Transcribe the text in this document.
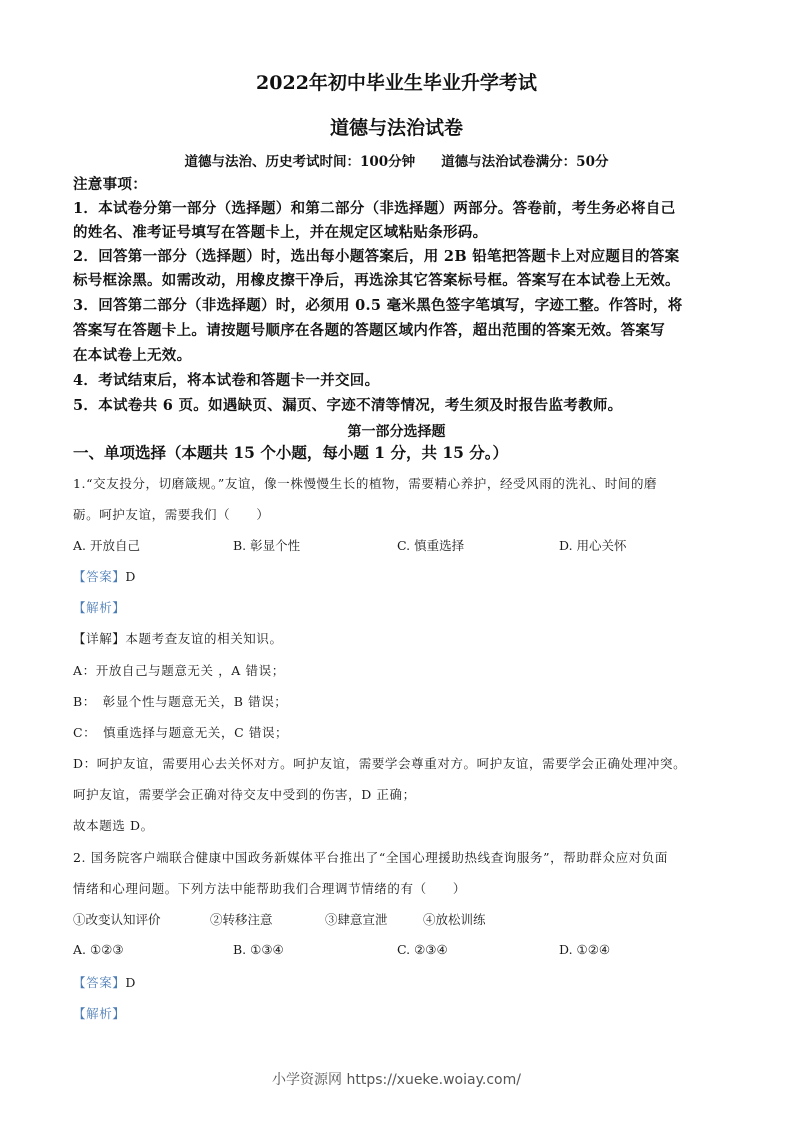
2022年初中毕业生毕业升学考试
道德与法治试卷
道德与法治、历史考试时间：100分钟 道德与法治试卷满分：50分
注意事项：
1．本试卷分第一部分（选择题）和第二部分（非选择题）两部分。答卷前，考生务必将自己
的姓名、准考证号填写在答题卡上，并在规定区域粘贴条形码。
2．回答第一部分（选择题）时，选出每小题答案后，用 2B 铅笔把答题卡上对应题目的答案
标号框涂黑。如需改动，用橡皮擦干净后，再选涂其它答案标号框。答案写在本试卷上无效。
3．回答第二部分（非选择题）时，必须用 0.5 毫米黑色签字笔填写，字迹工整。作答时，将
答案写在答题卡上。请按题号顺序在各题的答题区域内作答，超出范围的答案无效。答案写
在本试卷上无效。
4．考试结束后，将本试卷和答题卡一并交回。
5．本试卷共 6 页。如遇缺页、漏页、字迹不清等情况，考生须及时报告监考教师。
第一部分选择题
一、单项选择（本题共 15 个小题，每小题 1 分，共 15 分。）
1.“交友投分，切磨箴规。”友谊，像一株慢慢生长的植物，需要精心养护，经受风雨的洗礼、时间的磨
砺。呵护友谊，需要我们（　　）
A. 开放自己	B. 彰显个性	C. 慎重选择	D. 用心关怀
【答案】D
【解析】
【详解】本题考查友谊的相关知识。
A：开放自己与题意无关 ，A 错误；
B：　彰显个性与题意无关，B 错误；
C：　慎重选择与题意无关，C 错误；
D：呵护友谊，需要用心去关怀对方。呵护友谊，需要学会尊重对方。呵护友谊，需要学会正确处理冲突。
呵护友谊，需要学会正确对待交友中受到的伤害，D 正确；
故本题选 D。
2. 国务院客户端联合健康中国政务新媒体平台推出了“全国心理援助热线查询服务”，帮助群众应对负面
情绪和心理问题。下列方法中能帮助我们合理调节情绪的有（　　）
①改变认知评价	②转移注意	③肆意宣泄	④放松训练
A. ①②③	B. ①③④	C. ②③④	D. ①②④
【答案】D
【解析】
小学资源网 https://xueke.woiay.com/
